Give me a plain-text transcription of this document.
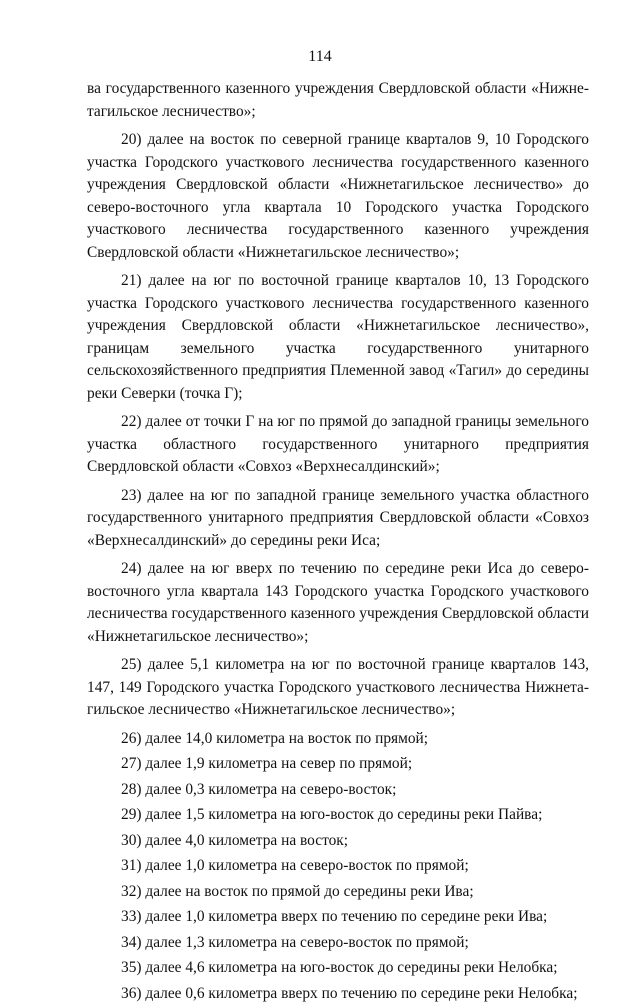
114

ва государственного казенного учреждения Свердловской области «Нижне-тагильское лесничество»;

20) далее на восток по северной границе кварталов 9, 10 Городского участка Городского участкового лесничества государственного казенного учреждения Свердловской области «Нижнетагильское лесничество» до северо-восточного угла квартала 10 Городского участка Городского участкового лесничества государственного казенного учреждения Свердловской области «Нижнетагильское лесничество»;

21) далее на юг по восточной границе кварталов 10, 13 Городского участка Городского участкового лесничества государственного казенного учреждения Свердловской области «Нижнетагильское лесничество», границам земельного участка государственного унитарного сельскохозяйственного предприятия Племенной завод «Тагил» до середины реки Северки (точка Г);

22) далее от точки Г на юг по прямой до западной границы земельного участка областного государственного унитарного предприятия Свердловской области «Совхоз «Верхнесалдинский»;

23) далее на юг по западной границе земельного участка областного государственного унитарного предприятия Свердловской области «Совхоз «Верхнесалдинский» до середины реки Иса;

24) далее на юг вверх по течению по середине реки Иса до северо-восточного угла квартала 143 Городского участка Городского участкового лесничества государственного казенного учреждения Свердловской области «Нижнетагильское лесничество»;

25) далее 5,1 километра на юг по восточной границе кварталов 143, 147, 149 Городского участка Городского участкового лесничества Нижнета-гильское лесничество «Нижнетагильское лесничество»;

26) далее 14,0 километра на восток по прямой;

27) далее 1,9 километра на север по прямой;

28) далее 0,3 километра на северо-восток;

29) далее 1,5 километра на юго-восток до середины реки Пайва;

30) далее 4,0 километра на восток;

31) далее 1,0 километра на северо-восток по прямой;

32) далее на восток по прямой до середины реки Ива;

33) далее 1,0 километра вверх по течению по середине реки Ива;

34) далее 1,3 километра на северо-восток по прямой;

35) далее 4,6 километра на юго-восток до середины реки Нелобка;

36) далее 0,6 километра вверх по течению по середине реки Нелобка;
